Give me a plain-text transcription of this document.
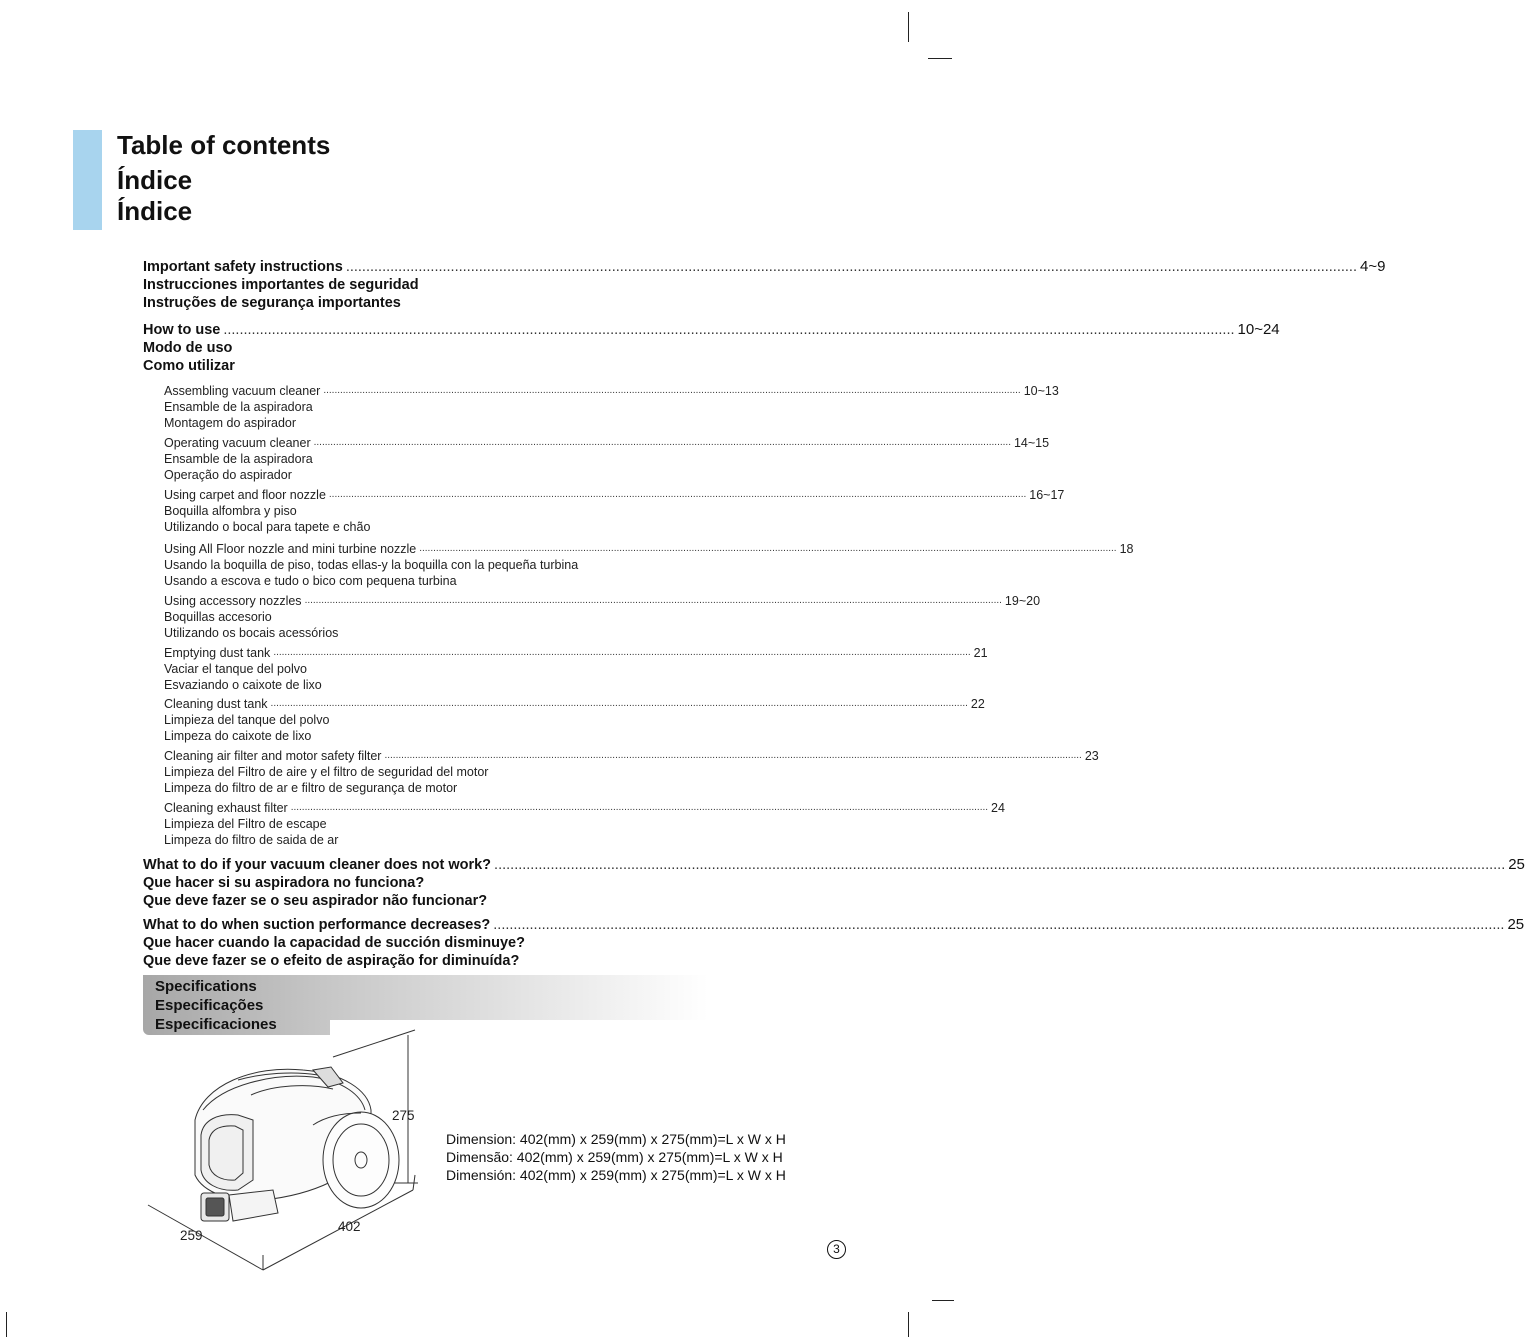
Table of contents
Índice
Índice
Important safety instructions ........................................................................................................................................................................................................................................................... 4~9
Instrucciones importantes de seguridad
Instruções de segurança importantes
How to use ........................................................................................................................................................................................................................................................... 10~24
Modo de uso
Como utilizar
Assembling vacuum cleaner ........................................................................................................................................................................................................................................................... 10~13
Ensamble de la aspiradora
Montagem do aspirador
Operating vacuum cleaner ........................................................................................................................................................................................................................................................... 14~15
Ensamble de la aspiradora
Operação do aspirador
Using carpet and floor nozzle ........................................................................................................................................................................................................................................................... 16~17
Boquilla alfombra y piso
Utilizando o bocal para tapete e chão
Using All Floor nozzle and mini turbine nozzle ........................................................................................................................................................................................................................................................... 18
Usando la boquilla de piso, todas ellas-y la boquilla con la pequeña turbina
Usando a escova e tudo o bico com pequena turbina
Using accessory nozzles ........................................................................................................................................................................................................................................................... 19~20
Boquillas accesorio
Utilizando os bocais acessórios
Emptying dust tank ........................................................................................................................................................................................................................................................... 21
Vaciar el tanque del polvo
Esvaziando o caixote de lixo
Cleaning dust tank ........................................................................................................................................................................................................................................................... 22
Limpieza del tanque del polvo
Limpeza do caixote de lixo
Cleaning air filter and motor safety filter ........................................................................................................................................................................................................................................................... 23
Limpieza del Filtro de aire y el filtro de seguridad del motor
Limpeza do filtro de ar e filtro de segurança de motor
Cleaning exhaust filter ........................................................................................................................................................................................................................................................... 24
Limpieza del Filtro de escape
Limpeza do filtro de saida de ar
What to do if your vacuum cleaner does not work? ........................................................................................................................................................................................................................................................... 25
Que hacer si su aspiradora no funciona?
Que deve fazer se o seu aspirador não funcionar?
What to do when suction performance decreases? ........................................................................................................................................................................................................................................................... 25
Que hacer cuando la capacidad de succión disminuye?
Que deve fazer se o efeito de aspiração for diminuída?
Specifications
Especificações
Especificaciones
275
402
259
Dimension: 402(mm) x 259(mm) x 275(mm)=L x W x H
Dimensão: 402(mm) x 259(mm) x 275(mm)=L x W x H
Dimensión: 402(mm) x 259(mm) x 275(mm)=L x W x H
3
